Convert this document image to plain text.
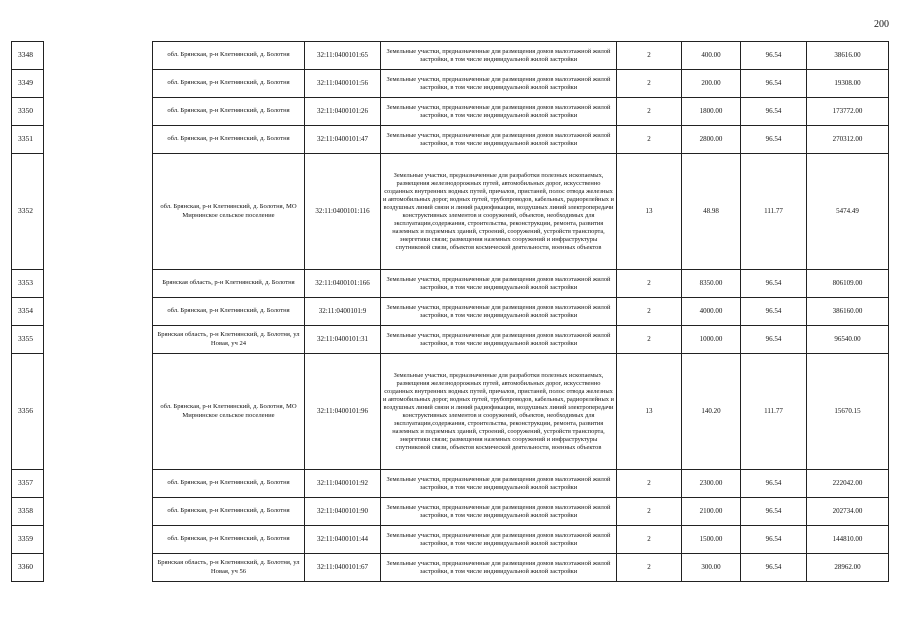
200
3348		обл. Брянская, р-н Клетнянский, д. Болотня	32:11:0400101:65	Земельные участки, предназначенные для размещения домов малоэтажной жилой застройки, в том числе индивидуальной жилой застройки	2	400.00	96.54	38616.00
3349		обл. Брянская, р-н Клетнянский, д. Болотня	32:11:0400101:56	Земельные участки, предназначенные для размещения домов малоэтажной жилой застройки, в том числе индивидуальной жилой застройки	2	200.00	96.54	19308.00
3350		обл. Брянская, р-н Клетнянский, д. Болотня	32:11:0400101:26	Земельные участки, предназначенные для размещения домов малоэтажной жилой застройки, в том числе индивидуальной жилой застройки	2	1800.00	96.54	173772.00
3351		обл. Брянская, р-н Клетнянский, д. Болотня	32:11:0400101:47	Земельные участки, предназначенные для размещения домов малоэтажной жилой застройки, в том числе индивидуальной жилой застройки	2	2800.00	96.54	270312.00
3352		обл. Брянская, р-н Клетнянский, д. Болотня, МО Мирнинское сельское поселение	32:11:0400101:116	Земельные участки, предназначенные для разработки полезных ископаемых, размещения железнодорожных путей, автомобильных дорог, искусственно созданных внутренних водных путей, причалов, пристаней, полос отвода железных и автомобильных дорог, водных путей, трубопроводов, кабельных, радиорелейных и воздушных линий связи и линий радиофикации, воздушных линий электропередачи конструктивных элементов и сооружений, объектов, необходимых для эксплуатации,содержания, строительства, реконструкции, ремонта, развития наземных и подземных зданий, строений, сооружений, устройств транспорта, энергетики связи; размещения наземных сооружений и инфраструктуры спутниковой связи, объектов космической деятельности, военных объектов	13	48.98	111.77	5474.49
3353		Брянская область, р-н Клетнянский, д. Болотня	32:11:0400101:166	Земельные участки, предназначенные для размещения домов малоэтажной жилой застройки, в том числе индивидуальной жилой застройки	2	8350.00	96.54	806109.00
3354		обл. Брянская, р-н Клетнянский, д. Болотня	32:11:0400101:9	Земельные участки, предназначенные для размещения домов малоэтажной жилой застройки, в том числе индивидуальной жилой застройки	2	4000.00	96.54	386160.00
3355		Брянская область, р-н Клетнянский, д. Болотня, ул Новая, уч 24	32:11:0400101:31	Земельные участки, предназначенные для размещения домов малоэтажной жилой застройки, в том числе индивидуальной жилой застройки	2	1000.00	96.54	96540.00
3356		обл. Брянская, р-н Клетнянский, д. Болотня, МО Мирнинское сельское поселение	32:11:0400101:96	Земельные участки, предназначенные для разработки полезных ископаемых, размещения железнодорожных путей, автомобильных дорог, искусственно созданных внутренних водных путей, причалов, пристаней, полос отвода железных и автомобильных дорог, водных путей, трубопроводов, кабельных, радиорелейных и воздушных линий связи и линий радиофикации, воздушных линий электропередачи конструктивных элементов и сооружений, объектов, необходимых для эксплуатации,содержания, строительства, реконструкции, ремонта, развития наземных и подземных зданий, строений, сооружений, устройств транспорта, энергетики связи; размещения наземных сооружений и инфраструктуры спутниковой связи, объектов космической деятельности, военных объектов	13	140.20	111.77	15670.15
3357		обл. Брянская, р-н Клетнянский, д. Болотня	32:11:0400101:92	Земельные участки, предназначенные для размещения домов малоэтажной жилой застройки, в том числе индивидуальной жилой застройки	2	2300.00	96.54	222042.00
3358		обл. Брянская, р-н Клетнянский, д. Болотня	32:11:0400101:90	Земельные участки, предназначенные для размещения домов малоэтажной жилой застройки, в том числе индивидуальной жилой застройки	2	2100.00	96.54	202734.00
3359		обл. Брянская, р-н Клетнянский, д. Болотня	32:11:0400101:44	Земельные участки, предназначенные для размещения домов малоэтажной жилой застройки, в том числе индивидуальной жилой застройки	2	1500.00	96.54	144810.00
3360		Брянская область, р-н Клетнянский, д. Болотня, ул Новая, уч 56	32:11:0400101:67	Земельные участки, предназначенные для размещения домов малоэтажной жилой застройки, в том числе индивидуальной жилой застройки	2	300.00	96.54	28962.00
